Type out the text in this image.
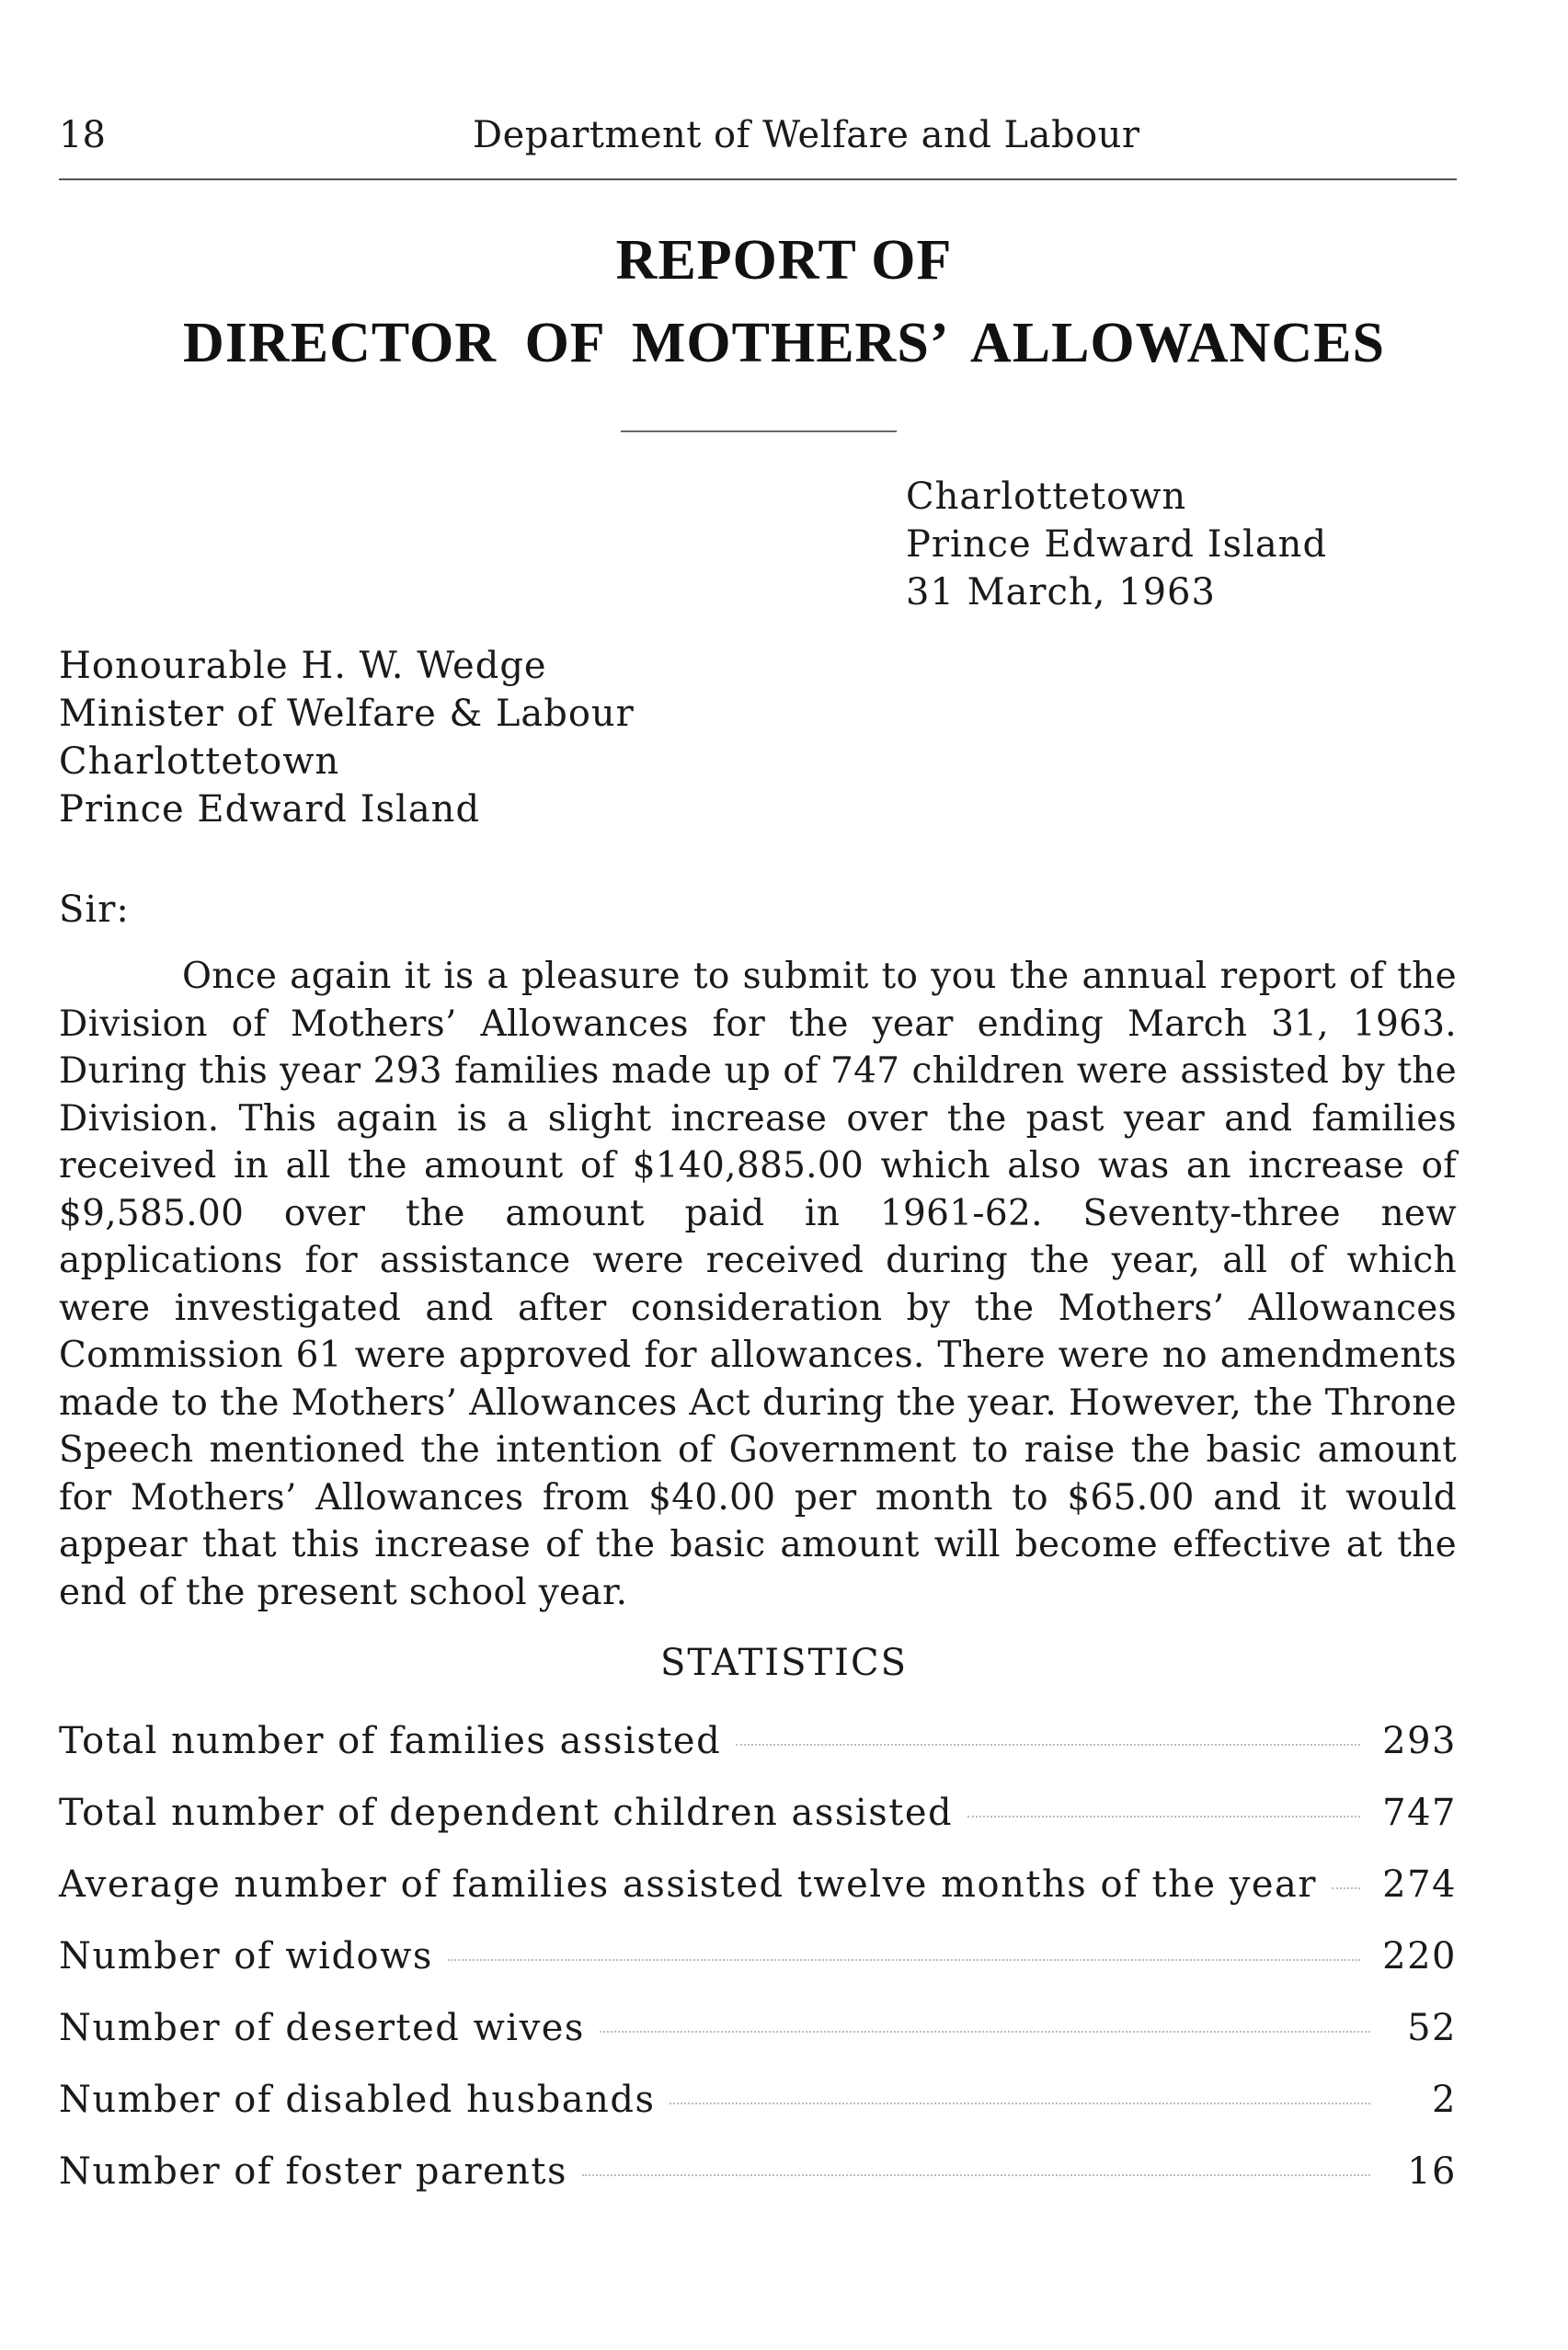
18	Department of Welfare and Labour
REPORT OF
DIRECTOR OF MOTHERS’ ALLOWANCES
Charlottetown
Prince Edward Island
31 March, 1963
Honourable H. W. Wedge
Minister of Welfare & Labour
Charlottetown
Prince Edward Island
Sir:

Once again it is a pleasure to submit to you the annual report of the Division of Mothers’ Allowances for the year ending March 31, 1963. During this year 293 families made up of 747 children were assisted by the Division. This again is a slight increase over the past year and families received in all the amount of $140,885.00 which also was an increase of $9,585.00 over the amount paid in 1961-62. Seventy-three new applications for assistance were received during the year, all of which were investigated and after consideration by the Mothers’ Allowances Commission 61 were approved for allowances. There were no amendments made to the Mothers’ Allowances Act during the year. However, the Throne Speech mentioned the intention of Government to raise the basic amount for Mothers’ Allowances from $40.00 per month to $65.00 and it would appear that this increase of the basic amount will become effective at the end of the present school year.

STATISTICS
Total number of families assisted	293
Total number of dependent children assisted	747
Average number of families assisted twelve months of the year	274
Number of widows	220
Number of deserted wives	52
Number of disabled husbands	2
Number of foster parents	16
